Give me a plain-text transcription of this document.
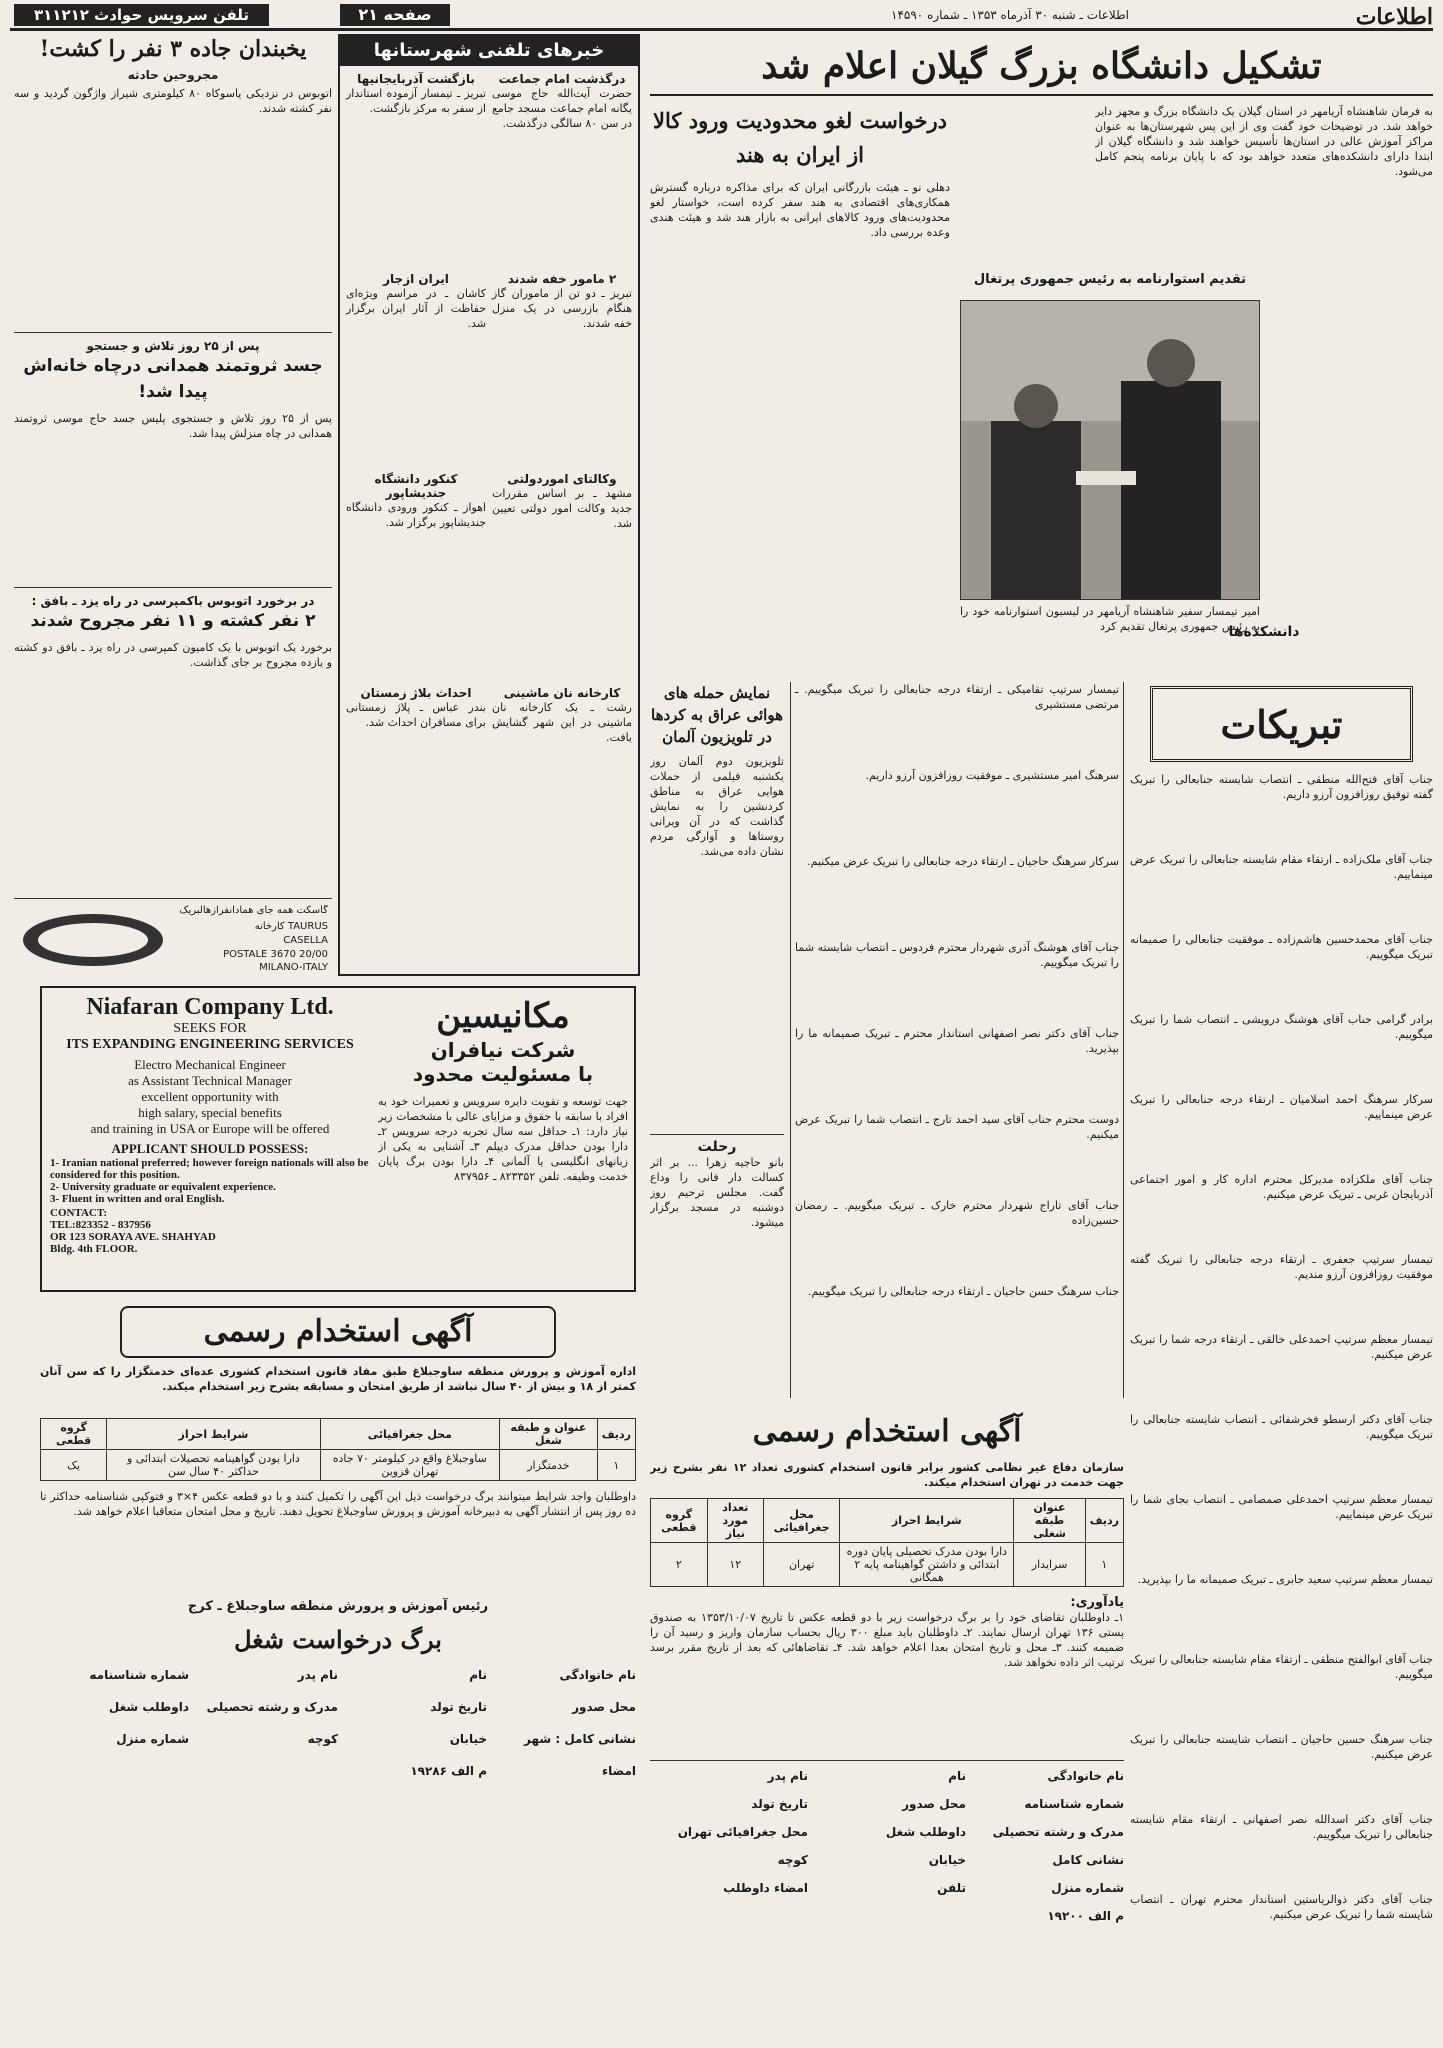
اطلاعات
اطلاعات ـ شنبه ۳۰ آذرماه ۱۳۵۳ ـ شماره ۱۴۵۹۰
صفحه ۲۱
تلفن سرویس حوادث ۳۱۱۲۱۲
یخبندان جاده ۳ نفر را کشت!
مجروحین حادثه
اتوبوس در نزدیکی یاسوکاه ۸۰ کیلومتری شیراز واژگون گردید و سه نفر کشته شدند.
پس از ۲۵ روز تلاش و جستجو
جسد ثروتمند همدانی درچاه خانه‌اش پیدا شد!
پس از ۲۵ روز تلاش و جستجوی پلیس جسد حاج موسی ثروتمند همدانی در چاه منزلش پیدا شد.
در برخورد اتوبوس باکمپرسی در راه یزد ـ بافق :
۲ نفر کشته و ۱۱ نفر مجروح شدند
برخورد یک اتوبوس با یک کامیون کمپرسی در راه یزد ـ بافق دو کشته و یازده مجروح بر جای گذاشت.
گاسکت همه جای همادانفرازهالبریک
کارخانه TAURUS
CASELLA
POSTALE 3670 20/00
MILANO-ITALY
خبرهای تلفنی شهرستانها
درگذشت امام جماعت
حضرت آیت‌الله حاج موسی یگانه امام جماعت مسجد جامع در سن ۸۰ سالگی درگذشت.
بازگشت آذربایجانیها
تبریز ـ تیمسار آزموده استاندار از سفر به مرکز بازگشت.
۲ مامور خفه شدند
تبریز ـ دو تن از ماموران گاز هنگام بازرسی در یک منزل خفه شدند.
ایران ازجار
کاشان ـ در مراسم ویژه‌ای حفاظت از آثار ایران برگزار شد.
وکالتای اموردولتی
مشهد ـ بر اساس مقررات جدید وکالت امور دولتی تعیین شد.
کنکور دانشگاه جندیشاپور
اهواز ـ کنکور ورودی دانشگاه جندیشاپور برگزار شد.
کارخانه نان ماشینی
رشت ـ یک کارخانه نان ماشینی در این شهر گشایش یافت.
احداث بلاژ زمستان
بندر عباس ـ پلاژ زمستانی برای مسافران احداث شد.
تشکیل دانشگاه بزرگ گیلان اعلام شد
به فرمان شاهنشاه آریامهر در استان گیلان یک دانشگاه بزرگ و مجهز دایر خواهد شد. در توضیحات خود گفت وی از این پس شهرستان‌ها به عنوان مراکز آموزش عالی در استان‌ها تأسیس خواهند شد و دانشگاه گیلان از ابتدا دارای دانشکده‌های متعدد خواهد بود که با پایان برنامه پنجم کامل می‌شود.
دانشکده‌ها
تقدیم استوارنامه به رئیس جمهوری پرتغال
امیر تیمسار سفیر شاهنشاه آریامهر در لیسبون استوارنامه خود را به رئیس جمهوری پرتغال تقدیم کرد
درخواست لغو محدودیت ورود کالا از ایران به هند
دهلی نو ـ هیئت بازرگانی ایران که برای مذاکره درباره گسترش همکاری‌های اقتصادی به هند سفر کرده است، خواستار لغو محدودیت‌های ورود کالاهای ایرانی به بازار هند شد و هیئت هندی وعده بررسی داد.
تبریکات
جناب آقای فتح‌الله منطقی ـ انتصاب شایسته جنابعالی را تبریک گفته توفیق روزافزون آرزو داریم.
جناب آقای ملک‌زاده ـ ارتقاء مقام شایسته جنابعالی را تبریک عرض مینماییم.
جناب آقای محمدحسین هاشم‌زاده ـ موفقیت جنابعالی را صمیمانه تبریک میگوییم.
برادر گرامی جناب آقای هوشنگ درویشی ـ انتصاب شما را تبریک میگوییم.
سرکار سرهنگ احمد اسلامیان ـ ارتقاء درجه جنابعالی را تبریک عرض مینماییم.
جناب آقای ملکزاده مدیرکل محترم اداره کار و امور اجتماعی آذربایجان غربی ـ تبریک عرض میکنیم.
تیمسار سرتیپ جعفری ـ ارتقاء درجه جنابعالی را تبریک گفته موفقیت روزافزون آرزو مندیم.
تیمسار معظم سرتیپ احمدعلی خالقی ـ ارتقاء درجه شما را تبریک عرض میکنیم.
جناب آقای دکتر ارسطو فخرشفائی ـ انتصاب شایسته جنابعالی را تبریک میگوییم.
تیمسار معظم سرتیپ احمدعلی صمصامی ـ انتصاب بجای شما را تبریک عرض مینماییم.
تیمسار معظم سرتیپ سعید جابری ـ تبریک صمیمانه ما را بپذیرید.
جناب آقای ابوالفتح منطقی ـ ارتقاء مقام شایسته جنابعالی را تبریک میگوییم.
جناب سرهنگ حسین حاجیان ـ انتصاب شایسته جنابعالی را تبریک عرض میکنیم.
جناب آقای دکتر اسدالله نصر اصفهانی ـ ارتقاء مقام شایسته جنابعالی را تبریک میگوییم.
جناب آقای دکتر ذوالریاستین استاندار محترم تهران ـ انتصاب شایسته شما را تبریک عرض میکنیم.
تیمسار سرتیپ تقامیکی ـ ارتقاء درجه جنابعالی را تبریک میگوییم. ـ مرتضی مستشیری
سرهنگ امیر مستشیری ـ موفقیت روزافزون آرزو داریم.
سرکار سرهنگ حاجیان ـ ارتقاء درجه جنابعالی را تبریک عرض میکنیم.
جناب آقای هوشنگ آذری شهردار محترم فردوس ـ انتصاب شایسته شما را تبریک میگوییم.
جناب آقای دکتر نصر اصفهانی استاندار محترم ـ تبریک صمیمانه ما را بپذیرید.
دوست محترم جناب آقای سید احمد تارج ـ انتصاب شما را تبریک عرض میکنیم.
جناب آقای تاراج شهردار محترم خارک ـ تبریک میگوییم. ـ رمضان حسین‌زاده
جناب سرهنگ حسن حاجیان ـ ارتقاء درجه جنابعالی را تبریک میگوییم.
نمایش حمله های هوائی عراق به کردها در تلویزیون آلمان
تلویزیون دوم آلمان روز یکشنبه فیلمی از حملات هوایی عراق به مناطق کردنشین را به نمایش گذاشت که در آن ویرانی روستاها و آوارگی مردم نشان داده می‌شد.
رحلت
بانو حاجیه زهرا ... بر اثر کسالت دار فانی را وداع گفت. مجلس ترحیم روز دوشنبه در مسجد برگزار میشود.
Niafaran Company Ltd.
SEEKS FOR
ITS EXPANDING ENGINEERING SERVICES
Electro Mechanical Engineer
as Assistant Technical Manager
excellent opportunity with
high salary, special benefits
and training in USA or Europe will be offered
APPLICANT SHOULD POSSESS:
1- Iranian national preferred; however foreign nationals will also be considered for this position.
2- University graduate or equivalent experience.
3- Fluent in written and oral English.
CONTACT:
TEL:823352 - 837956
OR 123 SORAYA AVE. SHAHYAD
Bldg. 4th FLOOR.
مکانیسین
شرکت نیافران
با مسئولیت محدود
جهت توسعه و تقویت دایره سرویس و تعمیرات خود به افراد با سابقه با حقوق و مزایای عالی با مشخصات زیر نیاز دارد: ۱ـ حداقل سه سال تجربه درجه سرویس ۲ـ دارا بودن حداقل مدرک دیپلم ۳ـ آشنایی به یکی از زبانهای انگلیسی یا آلمانی ۴ـ دارا بودن برگ پایان خدمت وظیفه. تلفن ۸۲۳۳۵۲ ـ ۸۳۷۹۵۶
آگهی استخدام رسمی
اداره آموزش و پرورش منطقه ساوجبلاغ طبق مفاد قانون استخدام کشوری عده‌ای خدمتگزار را که سن آنان کمتر از ۱۸ و بیش از ۴۰ سال نباشد از طریق امتحان و مسابقه بشرح زیر استخدام میکند.
ردیف	عنوان و طبقه شغل	محل جغرافیائی	شرایط احراز	گروه قطعی
۱	خدمتگزار	ساوجبلاغ واقع در کیلومتر ۷۰ جاده تهران قزوین	دارا بودن گواهینامه تحصیلات ابتدائی و حداکثر ۴۰ سال سن	یک
داوطلبان واجد شرایط میتوانند برگ درخواست ذیل این آگهی را تکمیل کنند و با دو قطعه عکس ۴×۳ و فتوکپی شناسنامه حداکثر تا ده روز پس از انتشار آگهی به دبیرخانه آموزش و پرورش ساوجبلاغ تحویل دهند. تاریخ و محل امتحان متعاقبا اعلام خواهد شد.
رئیس آموزش و پرورش منطقه ساوجبلاغ ـ کرج
برگ درخواست شغل
نام خانوادگی
نام
نام پدر
شماره شناسنامه
محل صدور
تاریخ تولد
مدرک و رشته تحصیلی
داوطلب شغل
نشانی کامل : شهر
خیابان
کوچه
شماره منزل
امضاء
م الف ۱۹۲۸۶
آگهی استخدام رسمی
سازمان دفاع غیر نظامی کشور برابر قانون استخدام کشوری تعداد ۱۲ نفر بشرح زیر جهت خدمت در تهران استخدام میکند.
ردیف	عنوان طبقه شغلی	شرایط احراز	محل جغرافیائی	تعداد مورد نیاز	گروه قطعی
۱	سرایدار	دارا بودن مدرک تحصیلی پایان دوره ابتدائی و داشتن گواهینامه پایه ۲ همگانی	تهران	۱۲	۲
یادآوری:
۱ـ داوطلبان تقاضای خود را بر برگ درخواست زیر با دو قطعه عکس تا تاریخ ۱۳۵۳/۱۰/۰۷ به صندوق پستی ۱۳۶ تهران ارسال نمایند. ۲ـ داوطلبان باید مبلغ ۳۰۰ ریال بحساب سازمان واریز و رسید آن را ضمیمه کنند. ۳ـ محل و تاریخ امتحان بعدا اعلام خواهد شد. ۴ـ تقاضاهائی که بعد از تاریخ مقرر برسد ترتیب اثر داده نخواهد شد.
نام خانوادگی
نام
نام پدر
شماره شناسنامه
محل صدور
تاریخ تولد
مدرک و رشته تحصیلی
داوطلب شغل
محل جغرافیائی تهران
نشانی کامل
خیابان
کوچه
شماره منزل
تلفن
امضاء داوطلب
م الف ۱۹۲۰۰
